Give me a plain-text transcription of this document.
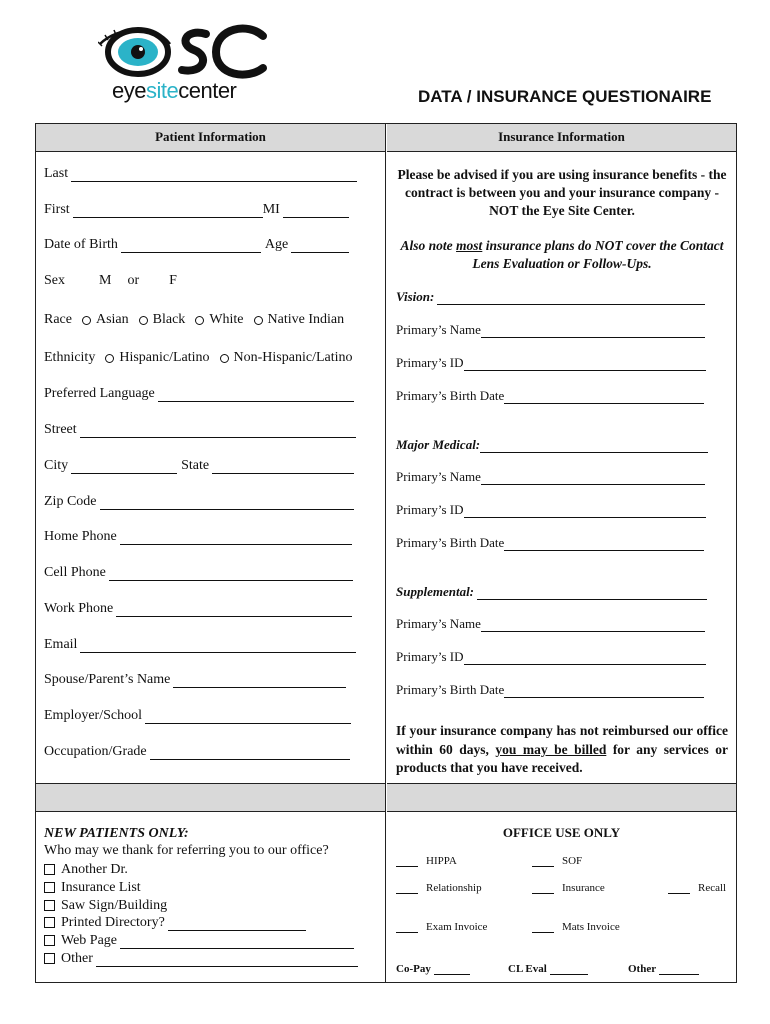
eyesitecenter	DATA / INSURANCE QUESTIONAIRE
Patient Information	Insurance Information
Last
First	MI
Date of Birth	Age
Sex M or F
Race Asian Black White Native Indian
Ethnicity Hispanic/Latino Non-Hispanic/Latino
Preferred Language
Street
City	State
Zip Code
Home Phone
Cell Phone
Work Phone
Email
Spouse/Parent’s Name
Employer/School
Occupation/Grade
Please be advised if you are using insurance benefits - the contract is between you and your insurance company - NOT the Eye Site Center.
Also note most insurance plans do NOT cover the Contact Lens Evaluation or Follow-Ups.
Vision:
Primary’s Name
Primary’s ID
Primary’s Birth Date
Major Medical:
Primary’s Name
Primary’s ID
Primary’s Birth Date
Supplemental:
Primary’s Name
Primary’s ID
Primary’s Birth Date
If your insurance company has not reimbursed our office within 60 days, you may be billed for any services or products that you have received.
NEW PATIENTS ONLY:
Who may we thank for referring you to our office?
Another Dr.
Insurance List
Saw Sign/Building
Printed Directory?
Web Page
Other
OFFICE USE ONLY
HIPPA	SOF
Relationship	Insurance	Recall
Exam Invoice	Mats Invoice
Co-Pay	CL Eval	Other
